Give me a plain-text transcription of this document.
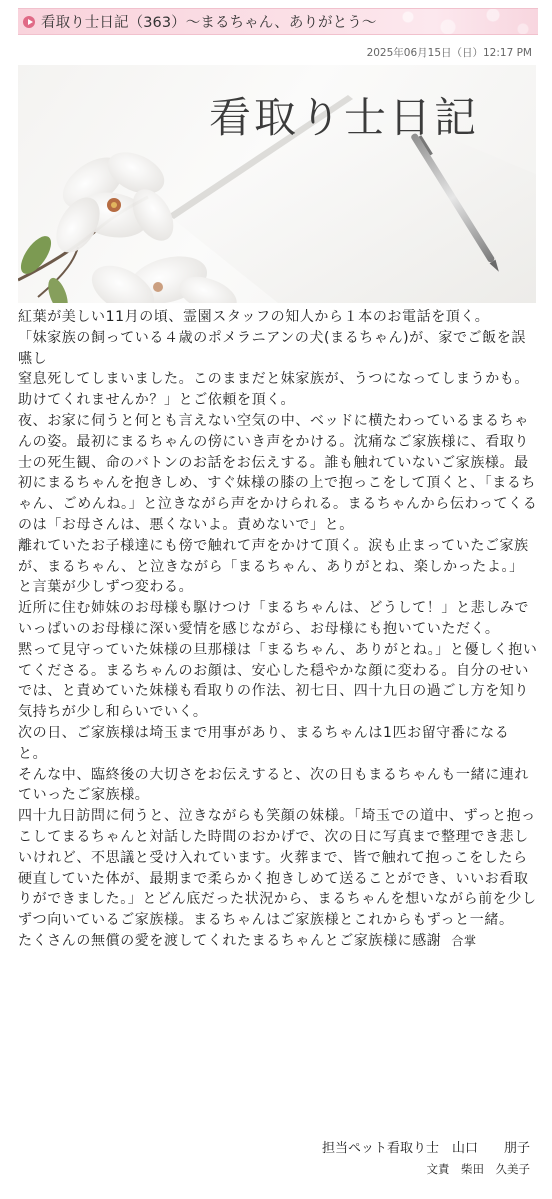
看取り士日記（363）〜まるちゃん、ありがとう〜
2025年06月15日（日）12:17 PM
看取り士日記

紅葉が美しい11月の頃、霊園スタッフの知人から１本のお電話を頂く。

「妹家族の飼っている４歳のポメラニアンの犬(まるちゃん)が、家でご飯を誤嚥し
窒息死してしまいました。このままだと妹家族が、うつになってしまうかも。助けてくれませんか？」とご依頼を頂く。

夜、お家に伺うと何とも言えない空気の中、ベッドに横たわっているまるちゃんの姿。最初にまるちゃんの傍にいき声をかける。沈痛なご家族様に、看取り士の死生観、命のバトンのお話をお伝えする。誰も触れていないご家族様。最初にまるちゃんを抱きしめ、すぐ妹様の膝の上で抱っこをして頂くと、「まるちゃん、ごめんね。」と泣きながら声をかけられる。まるちゃんから伝わってくるのは「お母さんは、悪くないよ。責めないで」と。

離れていたお子様達にも傍で触れて声をかけて頂く。涙も止まっていたご家族が、まるちゃん、と泣きながら「まるちゃん、ありがとね、楽しかったよ。」と言葉が少しずつ変わる。

近所に住む姉妹のお母様も駆けつけ「まるちゃんは、どうして！」と悲しみでいっぱいのお母様に深い愛情を感じながら、お母様にも抱いていただく。

黙って見守っていた妹様の旦那様は「まるちゃん、ありがとね。」と優しく抱いてくださる。まるちゃんのお顔は、安心した穏やかな顔に変わる。自分のせいでは、と責めていた妹様も看取りの作法、初七日、四十九日の過ごし方を知り気持ちが少し和らいでいく。

次の日、ご家族様は埼玉まで用事があり、まるちゃんは1匹お留守番になると。

そんな中、臨終後の大切さをお伝えすると、次の日もまるちゃんも一緒に連れていったご家族様。

四十九日訪問に伺うと、泣きながらも笑顔の妹様。「埼玉での道中、ずっと抱っこしてまるちゃんと対話した時間のおかげで、次の日に写真まで整理でき悲しいけれど、不思議と受け入れています。火葬まで、皆で触れて抱っこをしたら硬直していた体が、最期まで柔らかく抱きしめて送ることができ、いいお看取りができました。」とどん底だった状況から、まるちゃんを想いながら前を少しずつ向いているご家族様。まるちゃんはご家族様とこれからもずっと一緒。

たくさんの無償の愛を渡してくれたまるちゃんとご家族様に感謝 合掌

担当ペット看取り士　山口　　朋子
文責　柴田　久美子
